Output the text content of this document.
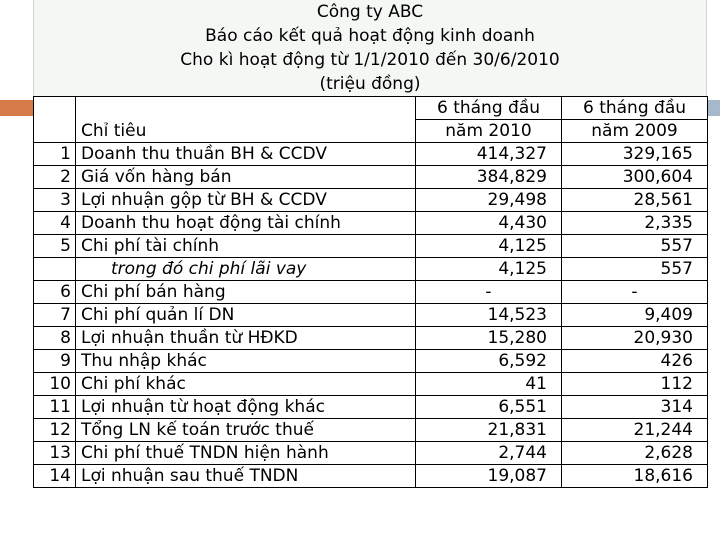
Công ty ABC
Báo cáo kết quả hoạt động kinh doanh
Cho kì hoạt động từ 1/1/2010 đến 30/6/2010
(triệu đồng)
	Chỉ tiêu	6 tháng đầu	6 tháng đầu
		năm 2010	năm 2009
1	Doanh thu thuần BH & CCDV	414,327	329,165
2	Giá vốn hàng bán	384,829	300,604
3	Lợi nhuận gộp từ BH & CCDV	29,498	28,561
4	Doanh thu hoạt động tài chính	4,430	2,335
5	Chi phí tài chính	4,125	557
	trong đó chi phí lãi vay	4,125	557
6	Chi phí bán hàng	-	-
7	Chi phí quản lí DN	14,523	9,409
8	Lợi nhuận thuần từ HĐKD	15,280	20,930
9	Thu nhập khác	6,592	426
10	Chi phí khác	41	112
11	Lợi nhuận từ hoạt động khác	6,551	314
12	Tổng LN kế toán trước thuế	21,831	21,244
13	Chi phí thuế TNDN hiện hành	2,744	2,628
14	Lợi nhuận sau thuế TNDN	19,087	18,616
